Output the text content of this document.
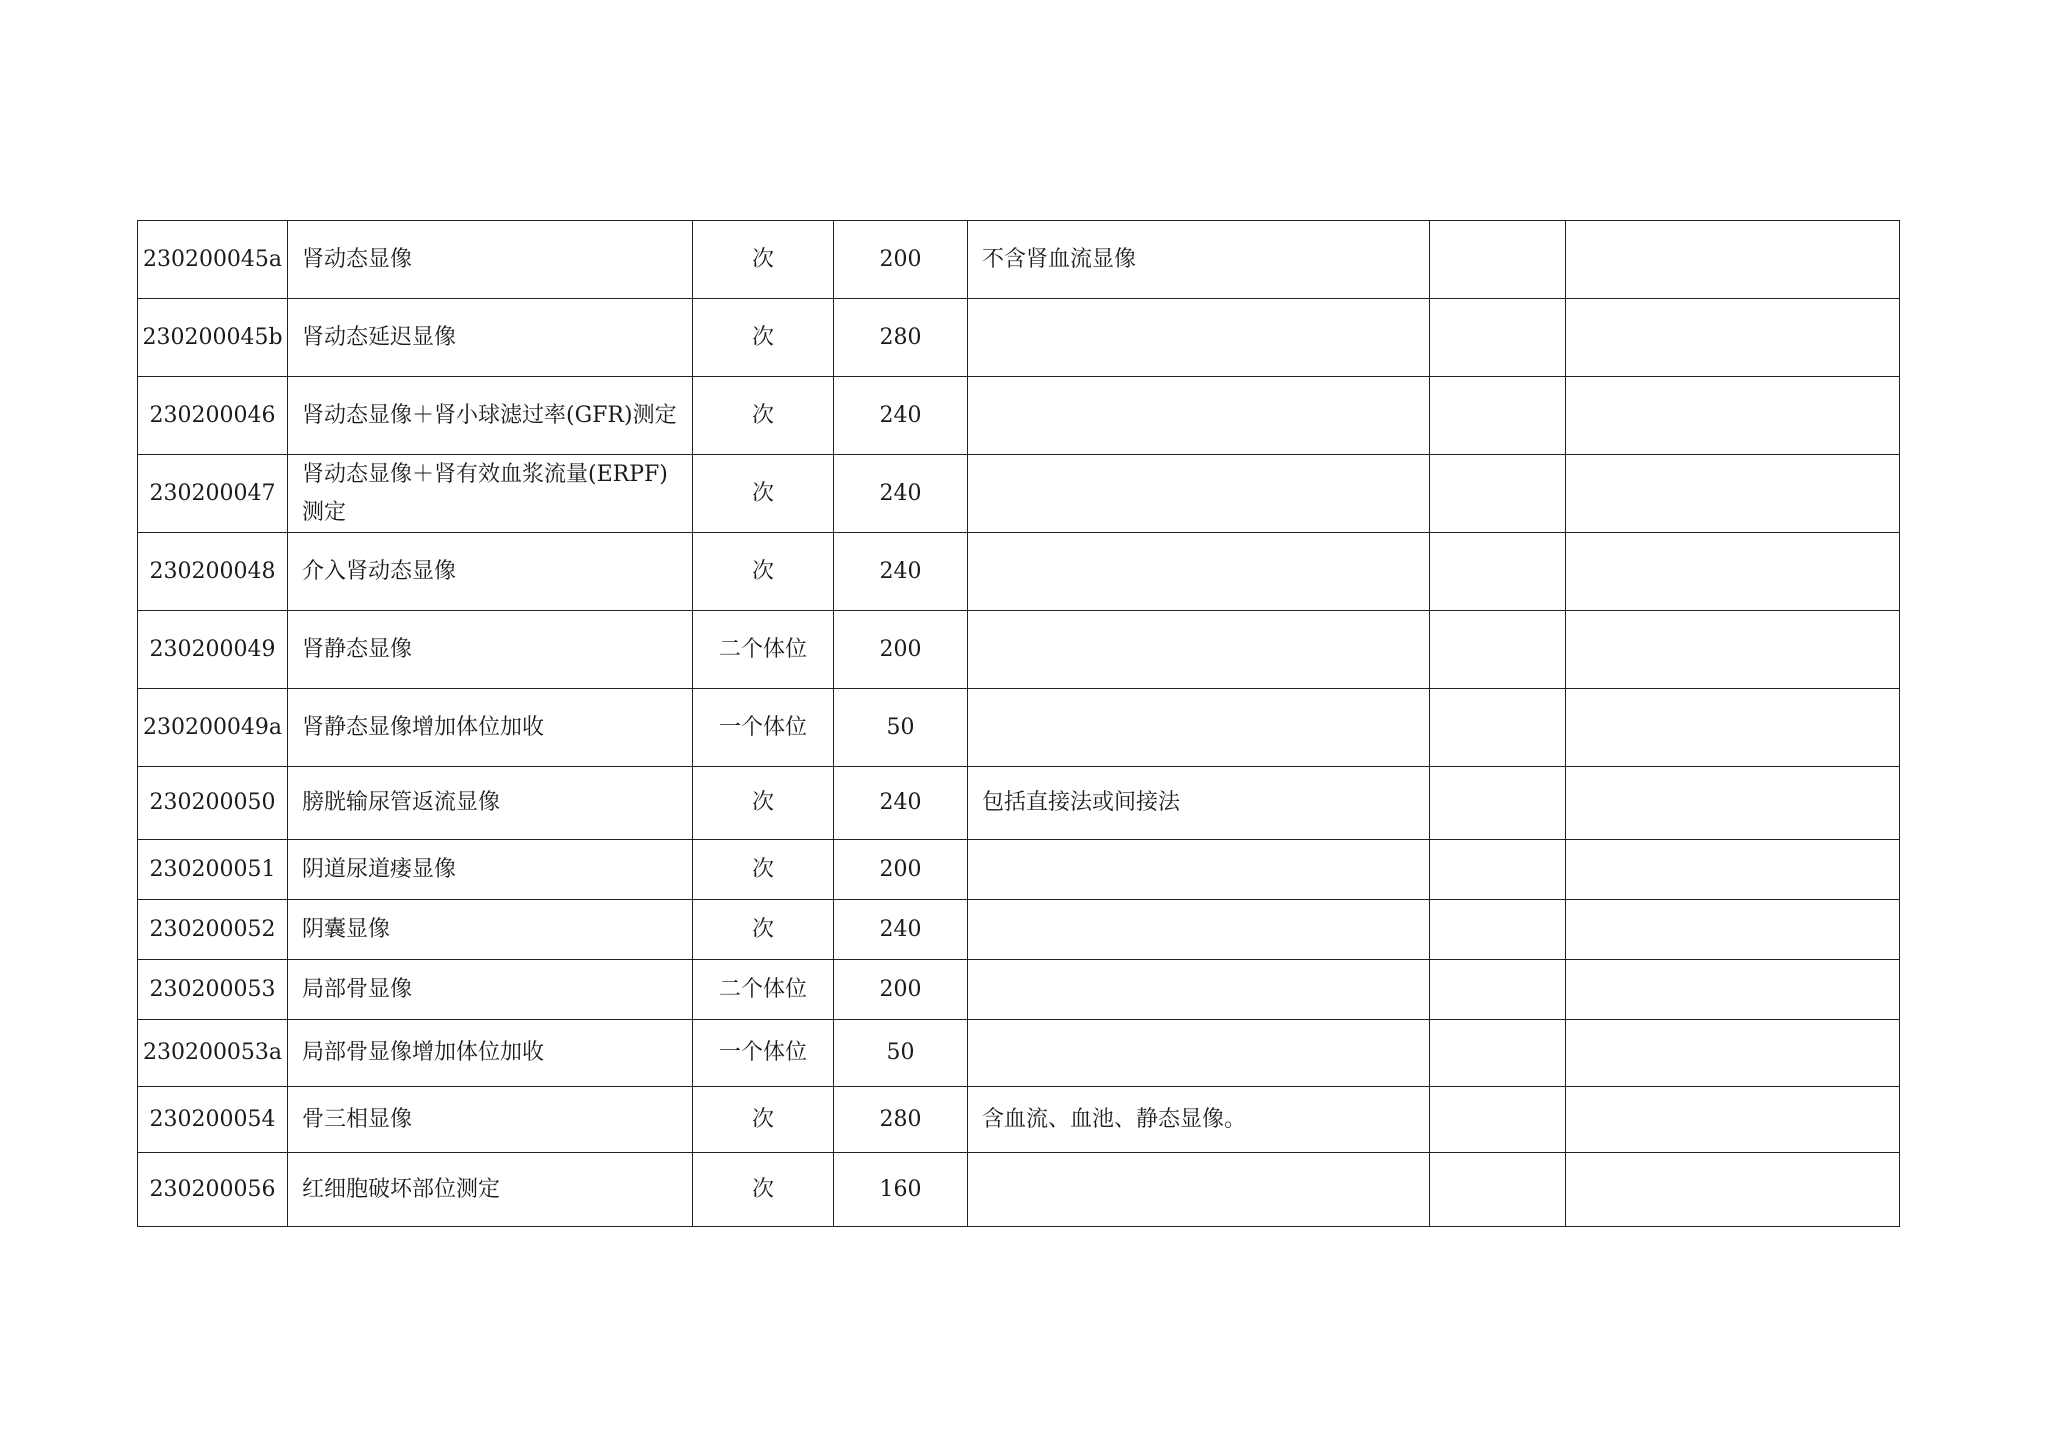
230200045a	肾动态显像	次	200	不含肾血流显像		
230200045b	肾动态延迟显像	次	280			
230200046	肾动态显像＋肾小球滤过率(GFR)测定	次	240			
230200047	肾动态显像＋肾有效血浆流量(ERPF)测定	次	240			
230200048	介入肾动态显像	次	240			
230200049	肾静态显像	二个体位	200			
230200049a	肾静态显像增加体位加收	一个体位	50			
230200050	膀胱输尿管返流显像	次	240	包括直接法或间接法		
230200051	阴道尿道瘘显像	次	200			
230200052	阴囊显像	次	240			
230200053	局部骨显像	二个体位	200			
230200053a	局部骨显像增加体位加收	一个体位	50			
230200054	骨三相显像	次	280	含血流、血池、静态显像。		
230200056	红细胞破坏部位测定	次	160			
